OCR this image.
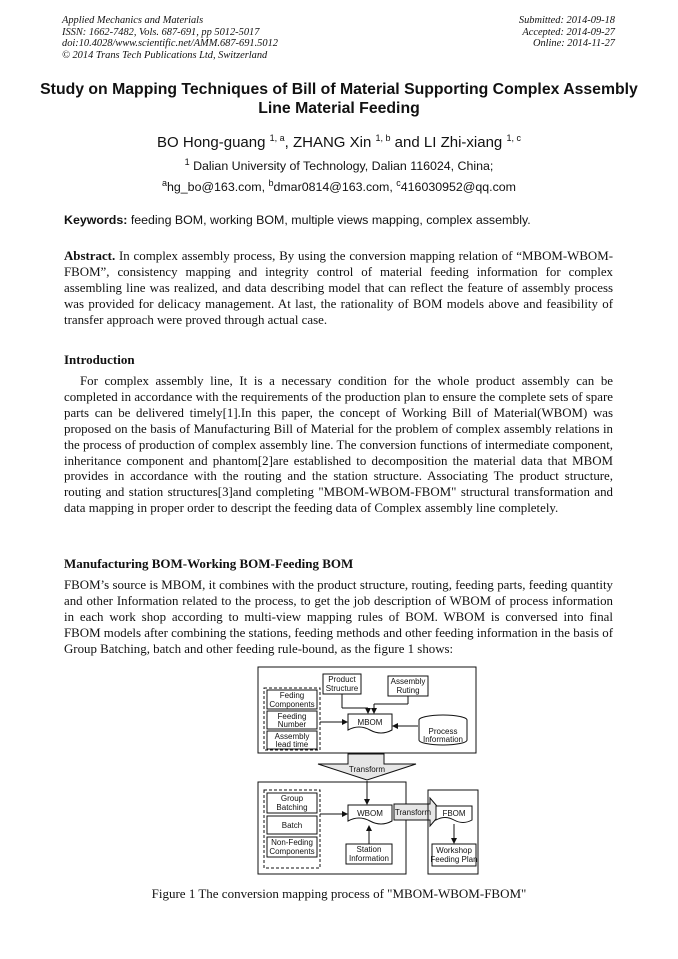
Applied Mechanics and Materials
ISSN: 1662-7482, Vols. 687-691, pp 5012-5017
doi:10.4028/www.scientific.net/AMM.687-691.5012
© 2014 Trans Tech Publications Ltd, Switzerland
Submitted: 2014-09-18
Accepted: 2014-09-27
Online: 2014-11-27
Study on Mapping Techniques of Bill of Material Supporting Complex Assembly Line Material Feeding
BO Hong-guang $^{1, a}$, ZHANG Xin $^{1, b}$ and LI Zhi-xiang $^{1, c}$
$^1$ Dalian University of Technology, Dalian 116024, China;
$^a$hg_bo@163.com, $^b$dmar0814@163.com, $^c$416030952@qq.com
Keywords: feeding BOM, working BOM, multiple views mapping, complex assembly.
Abstract. In complex assembly process, By using the conversion mapping relation of “MBOM-WBOM-FBOM”, consistency mapping and integrity control of material feeding information for complex assembling line was realized, and data describing model that can reflect the feature of assembly process was provided for delicacy management. At last, the rationality of BOM models above and feasibility of transfer approach were proved through actual case.
Introduction
For complex assembly line, It is a necessary condition for the whole product assembly can be completed in accordance with the requirements of the production plan to ensure the complete sets of spare parts can be delivered timely[1].In this paper, the concept of Working Bill of Material(WBOM) was proposed on the basis of Manufacturing Bill of Material for the problem of complex assembly relations in the process of production of complex assembly line. The conversion functions of intermediate component, inheritance component and phantom[2]are established to decomposition the material data that MBOM provides in accordance with the routing and the station structure. Associating The product structure, routing and station structures[3]and completing "MBOM-WBOM-FBOM" structural transformation and data mapping in proper order to descript the feeding data of Complex assembly line completely.
Manufacturing BOM-Working BOM-Feeding BOM
FBOM’s source is MBOM, it combines with the product structure, routing, feeding parts, feeding quantity and other Information related to the process, to get the job description of WBOM of process information in each work shop according to multi-view mapping rules of BOM. WBOM is conversed into final FBOM models after combining the stations, feeding methods and other feeding information in the basis of Group Batching, batch and other feeding rule-bound, as the figure 1 shows:
Feding
Components
Feeding
Number
Assembly
lead time
Product
Structure
Assembly
Ruting
MBOM
Process
Information
Transform
Group
Batching
Batch
Non-Feding
Components
WBOM
Station
Information
Transform FBOM
Workshop
Feeding Plan
Figure 1 The conversion mapping process of "MBOM-WBOM-FBOM"
